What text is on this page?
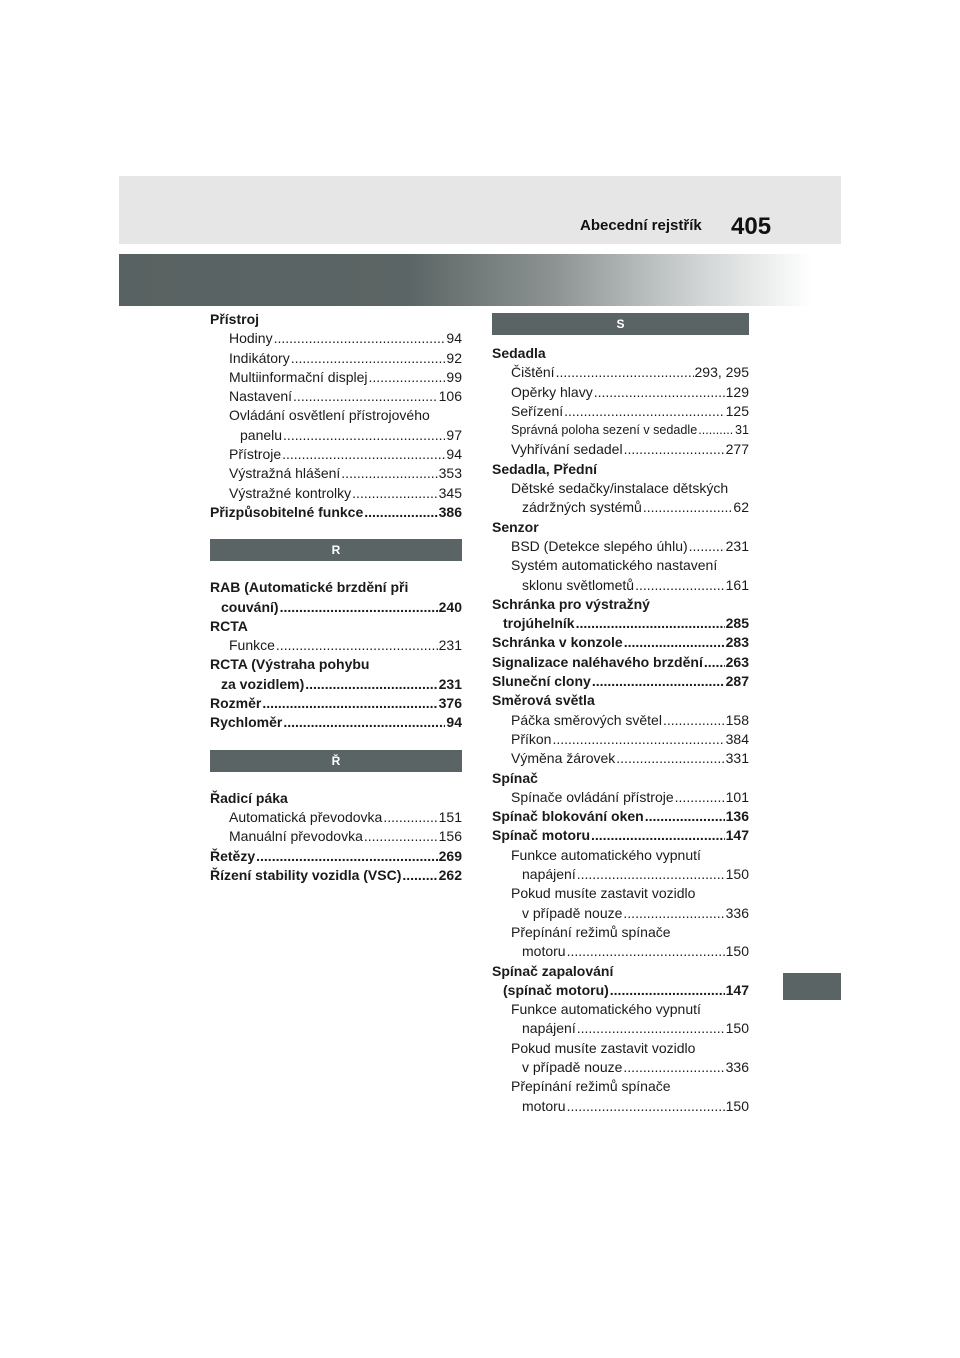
Abecední rejstřík 405
Přístroj
Hodiny .....	94
Indikátory .....	92
Multiinformační displej .....	99
Nastavení .....	106
Ovládání osvětlení přístrojového
panelu .....	97
Přístroje .....	94
Výstražná hlášení .....	353
Výstražné kontrolky .....	345
Přizpůsobitelné funkce .....	386
R
RAB (Automatické brzdění při
couvání) .....	240
RCTA
Funkce .....	231
RCTA (Výstraha pohybu
za vozidlem) .....	231
Rozměr .....	376
Rychloměr .....	94
Ř
Řadicí páka
Automatická převodovka .....	151
Manuální převodovka .....	156
Řetězy .....	269
Řízení stability vozidla (VSC) .....	262
S
Sedadla
Čištění .....	293, 295
Opěrky hlavy .....	129
Seřízení .....	125
Správná poloha sezení v sedadle .....	31
Vyhřívání sedadel .....	277
Sedadla, Přední
Dětské sedačky/instalace dětských
zádržných systémů .....	62
Senzor
BSD (Detekce slepého úhlu) .....	231
Systém automatického nastavení
sklonu světlometů .....	161
Schránka pro výstražný
trojúhelník .....	285
Schránka v konzole .....	283
Signalizace naléhavého brzdění ..... 263
Sluneční clony .....	287
Směrová světla
Páčka směrových světel .....	158
Příkon .....	384
Výměna žárovek .....	331
Spínač
Spínače ovládání přístroje .....	101
Spínač blokování oken .....	136
Spínač motoru .....	147
Funkce automatického vypnutí
napájení .....	150
Pokud musíte zastavit vozidlo
v případě nouze .....	336
Přepínání režimů spínače
motoru .....	150
Spínač zapalování
(spínač motoru) .....	147
Funkce automatického vypnutí
napájení .....	150
Pokud musíte zastavit vozidlo
v případě nouze .....	336
Přepínání režimů spínače
motoru .....	150
